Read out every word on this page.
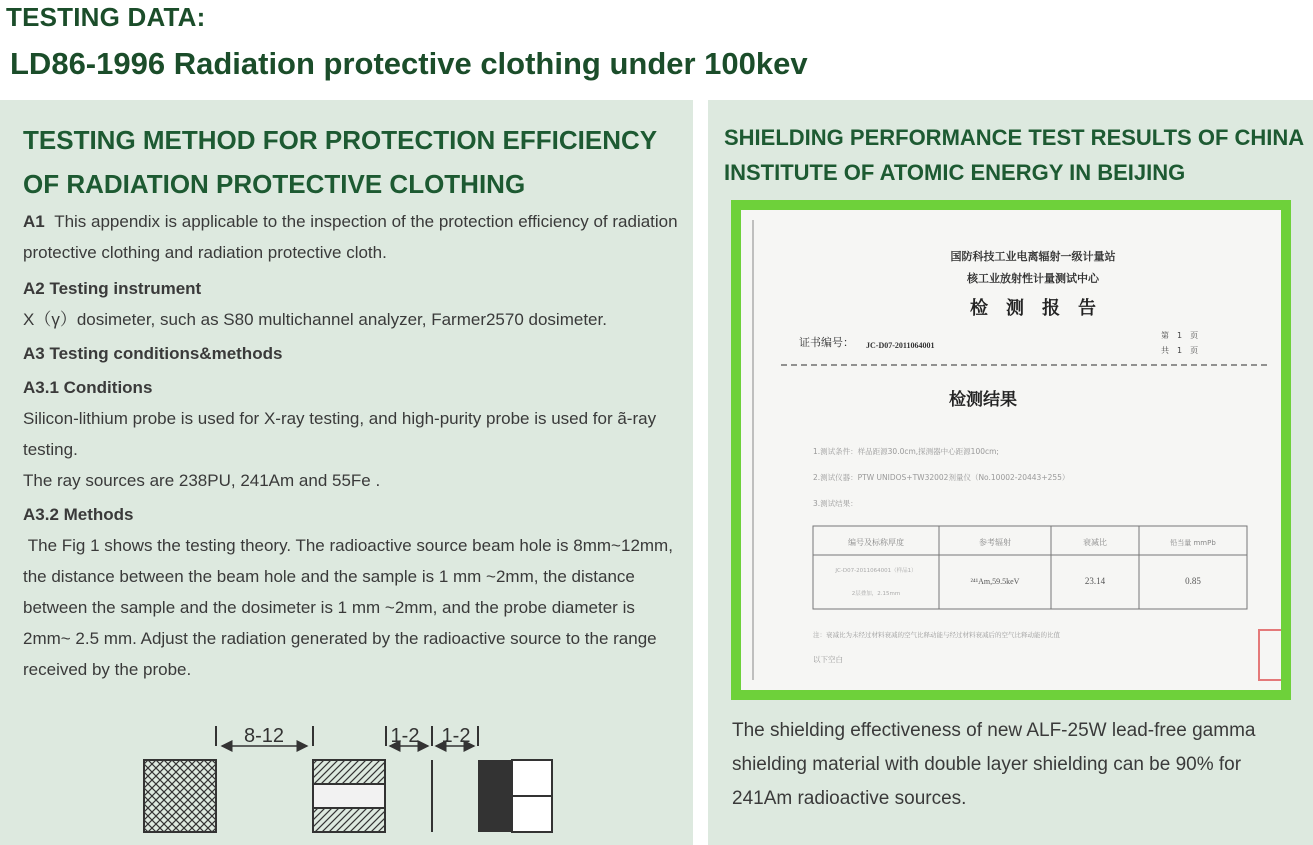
TESTING DATA:
LD86-1996 Radiation protective clothing under 100kev
TESTING METHOD FOR PROTECTION EFFICIENCY OF RADIATION PROTECTIVE CLOTHING

A1 This appendix is applicable to the inspection of the protection efficiency of radiation protective clothing and radiation protective cloth.

A2 Testing instrument

X（γ）dosimeter, such as S80 multichannel analyzer, Farmer2570 dosimeter.

A3 Testing conditions&methods

A3.1 Conditions

Silicon-lithium probe is used for X-ray testing, and high-purity probe is used for ã-ray testing.

The ray sources are 238PU, 241Am and 55Fe .

A3.2 Methods

The Fig 1 shows the testing theory. The radioactive source beam hole is 8mm~12mm, the distance between the beam hole and the sample is 1 mm ~2mm, the distance between the sample and the dosimeter is 1 mm ~2mm, and the probe diameter is 2mm~ 2.5 mm. Adjust the radiation generated by the radioactive source to the range received by the probe.

8-12	1-2 1-2
SHIELDING PERFORMANCE TEST RESULTS OF CHINA INSTITUTE OF ATOMIC ENERGY IN BEIJING
国防科技工业电离辐射一级计量站
核工业放射性计量测试中心
检　测　报　告
证书编号： JC-D07-2011064001
第　1　页
共　1　页
检测结果
1.测试条件：样品距源30.0cm,探测器中心距源100cm;
2.测试仪器：PTW UNIDOS+TW32002剂量仪（No.10002-20443+255）
3.测试结果：
编号及标称厚度	参考辐射	衰减比	铅当量 mmPb
JC-D07-2011064001（样品1）
2层叠加，2.15mm
²⁴¹Am,59.5keV	23.14	0.85
注：衰减比为未经过材料衰减的空气比释动能与经过材料衰减后的空气比释动能的比值
以下空白
The shielding effectiveness of new ALF-25W lead-free gamma shielding material with double layer shielding can be 90% for 241Am radioactive sources.
